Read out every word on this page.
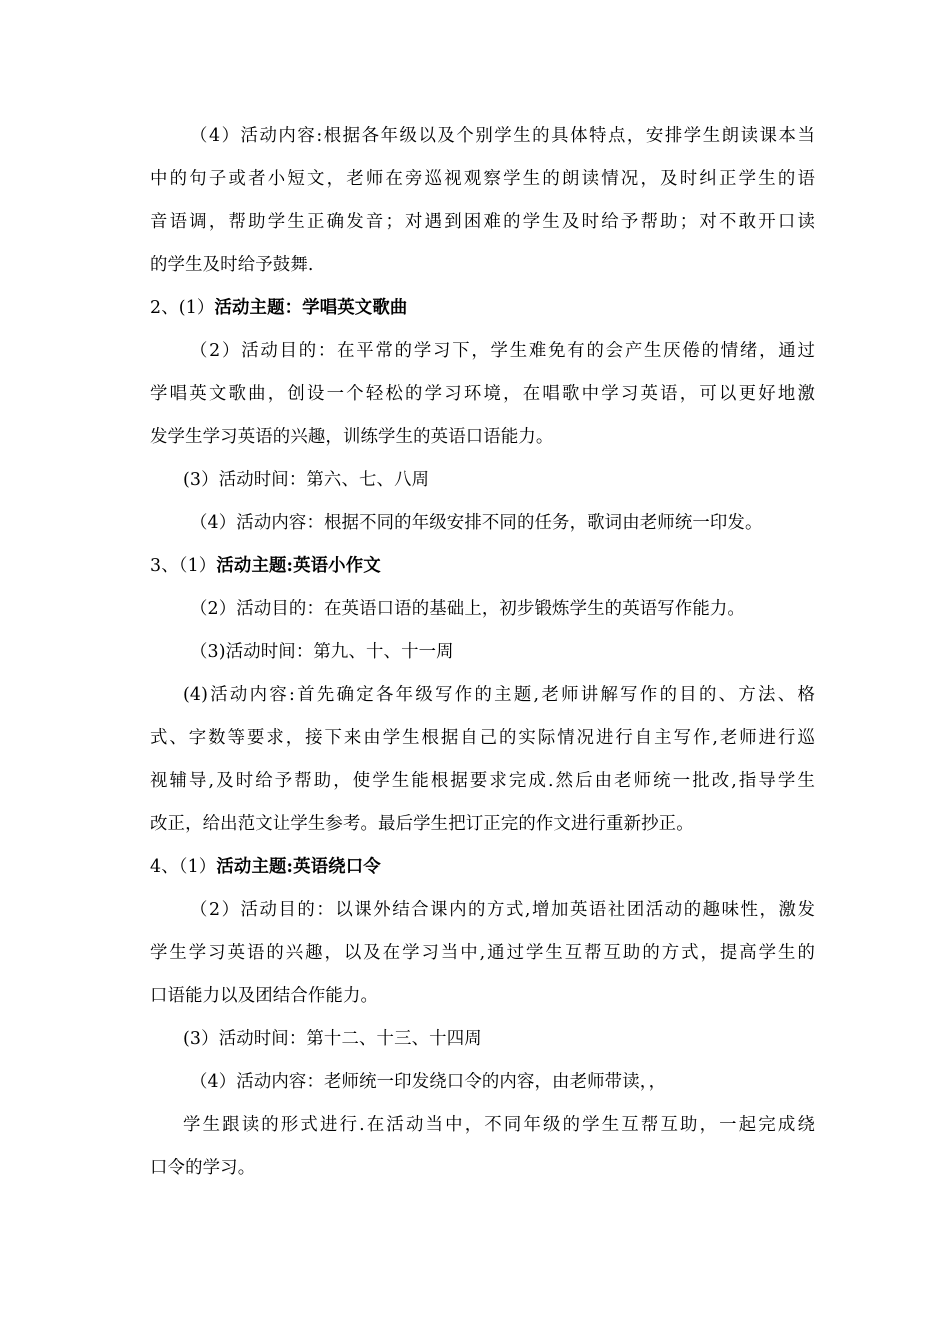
（4）活动内容:根据各年级以及个别学生的具体特点，安排学生朗读课本当
中的句子或者小短文，老师在旁巡视观察学生的朗读情况，及时纠正学生的语
音语调，帮助学生正确发音；对遇到困难的学生及时给予帮助；对不敢开口读
的学生及时给予鼓舞.
2、(1）活动主题：学唱英文歌曲
（2）活动目的：在平常的学习下，学生难免有的会产生厌倦的情绪，通过
学唱英文歌曲，创设一个轻松的学习环境，在唱歌中学习英语，可以更好地激
发学生学习英语的兴趣，训练学生的英语口语能力。
(3）活动时间：第六、七、八周
（4）活动内容：根据不同的年级安排不同的任务，歌词由老师统一印发。
3、（1）活动主题:英语小作文
（2）活动目的：在英语口语的基础上，初步锻炼学生的英语写作能力。
（3)活动时间：第九、十、十一周
(4)活动内容:首先确定各年级写作的主题,老师讲解写作的目的、方法、格
式、字数等要求，接下来由学生根据自己的实际情况进行自主写作,老师进行巡
视辅导,及时给予帮助，使学生能根据要求完成.然后由老师统一批改,指导学生
改正，给出范文让学生参考。最后学生把订正完的作文进行重新抄正。
4、（1）活动主题:英语绕口令
（2）活动目的：以课外结合课内的方式,增加英语社团活动的趣味性，激发
学生学习英语的兴趣，以及在学习当中,通过学生互帮互助的方式，提高学生的
口语能力以及团结合作能力。
(3）活动时间：第十二、十三、十四周
（4）活动内容：老师统一印发绕口令的内容，由老师带读，，
学生跟读的形式进行.在活动当中，不同年级的学生互帮互助，一起完成绕
口令的学习。
